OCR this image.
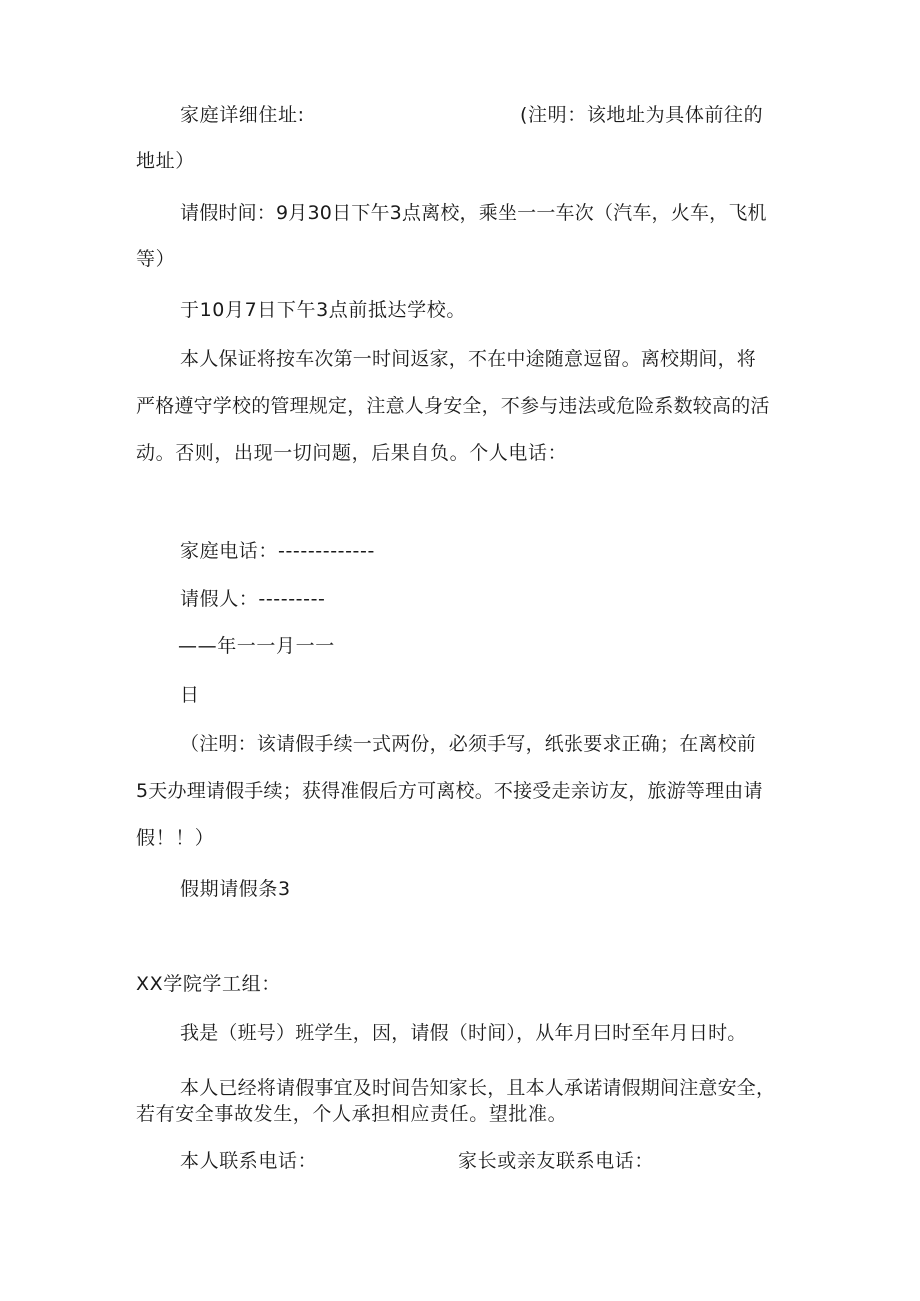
家庭详细住址:	(注明：该地址为具体前往的
地址）
请假时间：9月30日下午3点离校，乘坐一一车次（汽车，火车，飞机
等）
于10月7日下午3点前抵达学校。
本人保证将按车次第一时间返家，不在中途随意逗留。离校期间，将
严格遵守学校的管理规定，注意人身安全，不参与违法或危险系数较高的活
动。否则，出现一切问题，后果自负。个人电话：
家庭电话：-------------
请假人：---------
——年一一月一一
日
（注明：该请假手续一式两份，必须手写，纸张要求正确；在离校前
5天办理请假手续；获得准假后方可离校。不接受走亲访友，旅游等理由请
假！！）
假期请假条3
XX学院学工组：
我是（班号）班学生，因，请假（时间），从年月曰时至年月日时。
本人已经将请假事宜及时间告知家长，且本人承诺请假期间注意安全，
若有安全事故发生，个人承担相应责任。望批准。
本人联系电话：	家长或亲友联系电话：
